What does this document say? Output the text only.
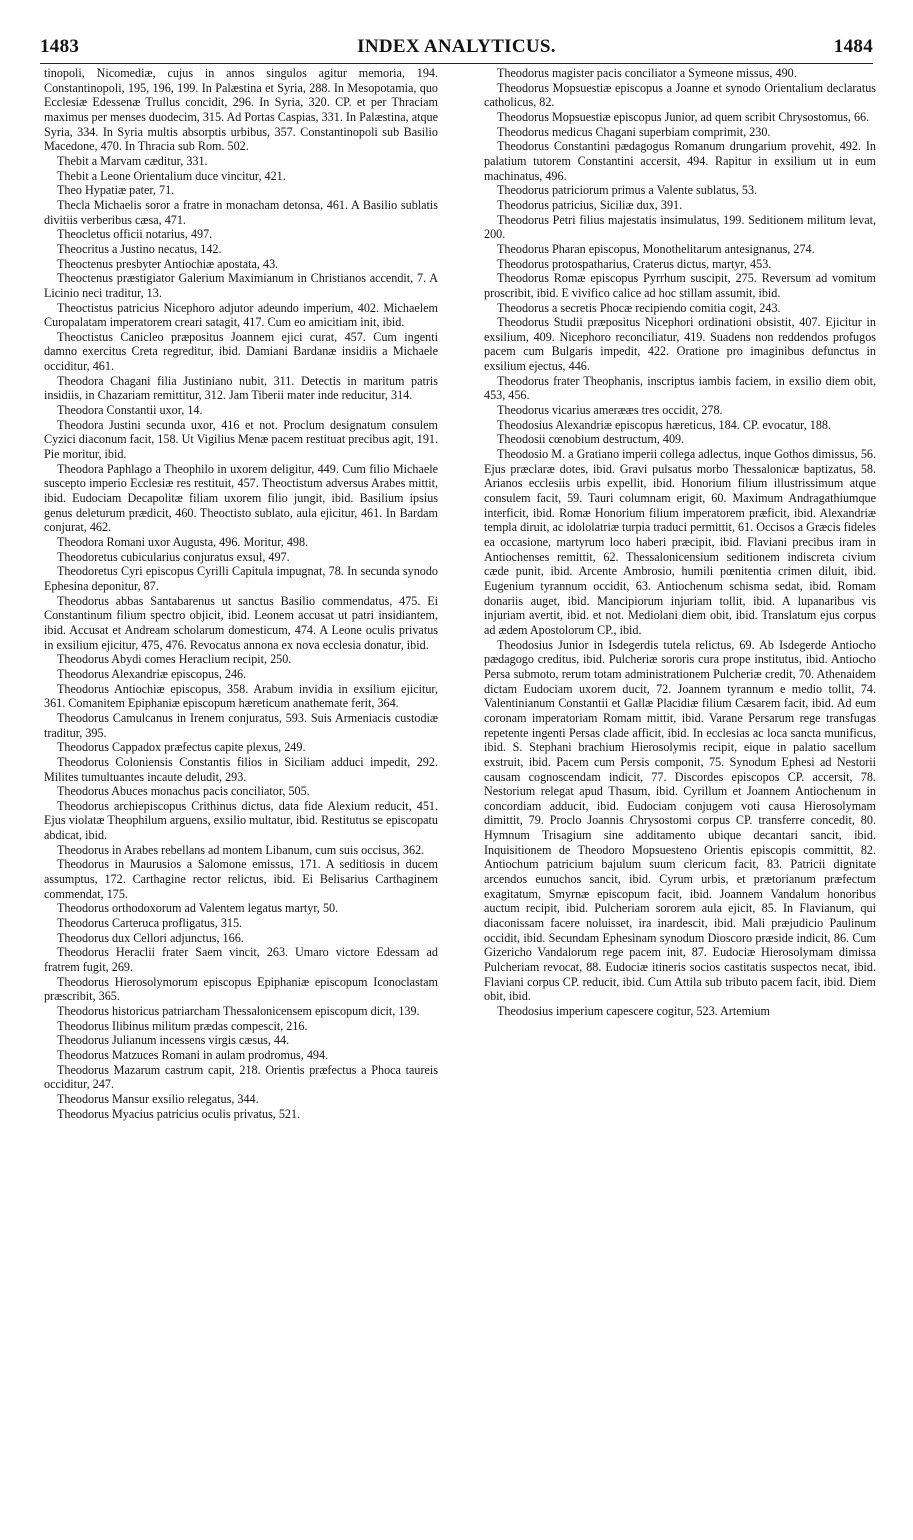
1483	INDEX ANALYTICUS.	1484

tinopoli, Nicomediæ, cujus in annos singulos agitur memoria, 194. Constantinopoli, 195, 196, 199. In Palæstina et Syria, 288. In Mesopotamia, quo Ecclesiæ Edessenæ Trullus concidit, 296. In Syria, 320. CP. et per Thraciam maximus per menses duodecim, 315. Ad Portas Caspias, 331. In Palæstina, atque Syria, 334. In Syria multis absorptis urbibus, 357. Constantinopoli sub Basilio Macedone, 470. In Thracia sub Rom. 502.

Thebit a Marvam cæditur, 331.

Thebit a Leone Orientalium duce vincitur, 421.

Theo Hypatiæ pater, 71.

Thecla Michaelis soror a fratre in monacham detonsa, 461. A Basilio sublatis divitiis verberibus cæsa, 471.

Theocletus officii notarius, 497.

Theocritus a Justino necatus, 142.

Theoctenus presbyter Antiochiæ apostata, 43.

Theoctenus præstigiator Galerium Maximianum in Christianos accendit, 7. A Licinio neci traditur, 13.

Theoctistus patricius Nicephoro adjutor adeundo imperium, 402. Michaelem Curopalatam imperatorem creari satagit, 417. Cum eo amicitiam init, ibid.

Theoctistus Canicleo præpositus Joannem ejici curat, 457. Cum ingenti damno exercitus Creta regreditur, ibid. Damiani Bardanæ insidiis a Michaele occiditur, 461.

Theodora Chagani filia Justiniano nubit, 311. Detectis in maritum patris insidiis, in Chazariam remittitur, 312. Jam Tiberii mater inde reducitur, 314.

Theodora Constantii uxor, 14.

Theodora Justini secunda uxor, 416 et not. Proclum designatum consulem Cyzici diaconum facit, 158. Ut Vigilius Menæ pacem restituat precibus agit, 191. Pie moritur, ibid.

Theodora Paphlago a Theophilo in uxorem deligitur, 449. Cum filio Michaele suscepto imperio Ecclesiæ res restituit, 457. Theoctistum adversus Arabes mittit, ibid. Eudociam Decapolitæ filiam uxorem filio jungit, ibid. Basilium ipsius genus deleturum prædicit, 460. Theoctisto sublato, aula ejicitur, 461. In Bardam conjurat, 462.

Theodora Romani uxor Augusta, 496. Moritur, 498.

Theodoretus cubicularius conjuratus exsul, 497.

Theodoretus Cyri episcopus Cyrilli Capitula impugnat, 78. In secunda synodo Ephesina deponitur, 87.

Theodorus abbas Santabarenus ut sanctus Basilio commendatus, 475. Ei Constantinum filium spectro objicit, ibid. Leonem accusat ut patri insidiantem, ibid. Accusat et Andream scholarum domesticum, 474. A Leone oculis privatus in exsilium ejicitur, 475, 476. Revocatus annona ex nova ecclesia donatur, ibid.

Theodorus Abydi comes Heraclium recipit, 250.

Theodorus Alexandriæ episcopus, 246.

Theodorus Antiochiæ episcopus, 358. Arabum invidia in exsilium ejicitur, 361. Comanitem Epiphaniæ episcopum hæreticum anathemate ferit, 364.

Theodorus Camulcanus in Irenem conjuratus, 593. Suis Armeniacis custodiæ traditur, 395.

Theodorus Cappadox præfectus capite plexus, 249.

Theodorus Coloniensis Constantis filios in Siciliam adduci impedit, 292. Milites tumultuantes incaute deludit, 293.

Theodorus Abuces monachus pacis conciliator, 505.

Theodorus archiepiscopus Crithinus dictus, data fide Alexium reducit, 451. Ejus violatæ Theophilum arguens, exsilio multatur, ibid. Restitutus se episcopatu abdicat, ibid.

Theodorus in Arabes rebellans ad montem Libanum, cum suis occisus, 362.

Theodorus in Maurusios a Salomone emissus, 171. A seditiosis in ducem assumptus, 172. Carthagine rector relictus, ibid. Ei Belisarius Carthaginem commendat, 175.

Theodorus orthodoxorum ad Valentem legatus martyr, 50.

Theodorus Carteruca profligatus, 315.

Theodorus dux Cellori adjunctus, 166.

Theodorus Heraclii frater Saem vincit, 263. Umaro victore Edessam ad fratrem fugit, 269.

Theodorus Hierosolymorum episcopus Epiphaniæ episcopum Iconoclastam præscribit, 365.

Theodorus historicus patriarcham Thessalonicensem episcopum dicit, 139.

Theodorus Ilibinus militum prædas compescit, 216.

Theodorus Julianum incessens virgis cæsus, 44.

Theodorus Matzuces Romani in aulam prodromus, 494.

Theodorus Mazarum castrum capit, 218. Orientis præfectus a Phoca taureis occiditur, 247.

Theodorus Mansur exsilio relegatus, 344.

Theodorus Myacius patricius oculis privatus, 521.

Theodorus magister pacis conciliator a Symeone missus, 490.

Theodorus Mopsuestiæ episcopus a Joanne et synodo Orientalium declaratus catholicus, 82.

Theodorus Mopsuestiæ episcopus Junior, ad quem scribit Chrysostomus, 66.

Theodorus medicus Chagani superbiam comprimit, 230.

Theodorus Constantini pædagogus Romanum drungarium provehit, 492. In palatium tutorem Constantini accersit, 494. Rapitur in exsilium ut in eum machinatus, 496.

Theodorus patriciorum primus a Valente sublatus, 53.

Theodorus patricius, Siciliæ dux, 391.

Theodorus Petri filius majestatis insimulatus, 199. Seditionem militum levat, 200.

Theodorus Pharan episcopus, Monothelitarum antesignanus, 274.

Theodorus protospatharius, Craterus dictus, martyr, 453.

Theodorus Romæ episcopus Pyrrhum suscipit, 275. Reversum ad vomitum proscribit, ibid. E vivifico calice ad hoc stillam assumit, ibid.

Theodorus a secretis Phocæ recipiendo comitia cogit, 243.

Theodorus Studii præpositus Nicephori ordinationi obsistit, 407. Ejicitur in exsilium, 409. Nicephoro reconciliatur, 419. Suadens non reddendos profugos pacem cum Bulgaris impedit, 422. Oratione pro imaginibus defunctus in exsilium ejectus, 446.

Theodorus frater Theophanis, inscriptus iambis faciem, in exsilio diem obit, 453, 456.

Theodorus vicarius amerææs tres occidit, 278.

Theodosius Alexandriæ episcopus hæreticus, 184. CP. evocatur, 188.

Theodosii cœnobium destructum, 409.

Theodosio M. a Gratiano imperii collega adlectus, inque Gothos dimissus, 56. Ejus præclaræ dotes, ibid. Gravi pulsatus morbo Thessalonicæ baptizatus, 58. Arianos ecclesiis urbis expellit, ibid. Honorium filium illustrissimum atque consulem facit, 59. Tauri columnam erigit, 60. Maximum Andragathiumque interficit, ibid. Romæ Honorium filium imperatorem præficit, ibid. Alexandriæ templa diruit, ac idololatriæ turpia traduci permittit, 61. Occisos a Græcis fideles ea occasione, martyrum loco haberi præcipit, ibid. Flaviani precibus iram in Antiochenses remittit, 62. Thessalonicensium seditionem indiscreta civium cæde punit, ibid. Arcente Ambrosio, humili pœnitentia crimen diluit, ibid. Eugenium tyrannum occidit, 63. Antiochenum schisma sedat, ibid. Romam donariis auget, ibid. Mancipiorum injuriam tollit, ibid. A lupanaribus vis injuriam avertit, ibid. et not. Mediolani diem obit, ibid. Translatum ejus corpus ad ædem Apostolorum CP., ibid.

Theodosius Junior in Isdegerdis tutela relictus, 69. Ab Isdegerde Antiocho pædagogo creditus, ibid. Pulcheriæ sororis cura prope institutus, ibid. Antiocho Persa submoto, rerum totam administrationem Pulcheriæ credit, 70. Athenaidem dictam Eudociam uxorem ducit, 72. Joannem tyrannum e medio tollit, 74. Valentinianum Constantii et Gallæ Placidiæ filium Cæsarem facit, ibid. Ad eum coronam imperatoriam Romam mittit, ibid. Varane Persarum rege transfugas repetente ingenti Persas clade afficit, ibid. In ecclesias ac loca sancta munificus, ibid. S. Stephani brachium Hierosolymis recipit, eique in palatio sacellum exstruit, ibid. Pacem cum Persis componit, 75. Synodum Ephesi ad Nestorii causam cognoscendam indicit, 77. Discordes episcopos CP. accersit, 78. Nestorium relegat apud Thasum, ibid. Cyrillum et Joannem Antiochenum in concordiam adducit, ibid. Eudociam conjugem voti causa Hierosolymam dimittit, 79. Proclo Joannis Chrysostomi corpus CP. transferre concedit, 80. Hymnum Trisagium sine additamento ubique decantari sancit, ibid. Inquisitionem de Theodoro Mopsuesteno Orientis episcopis committit, 82. Antiochum patricium bajulum suum clericum facit, 83. Patricii dignitate arcendos eunuchos sancit, ibid. Cyrum urbis, et prætorianum præfectum exagitatum, Smyrnæ episcopum facit, ibid. Joannem Vandalum honoribus auctum recipit, ibid. Pulcheriam sororem aula ejicit, 85. In Flavianum, qui diaconissam facere noluisset, ira inardescit, ibid. Mali præjudicio Paulinum occidit, ibid. Secundam Ephesinam synodum Dioscoro præside indicit, 86. Cum Gizericho Vandalorum rege pacem init, 87. Eudociæ Hierosolymam dimissa Pulcheriam revocat, 88. Eudociæ itineris socios castitatis suspectos necat, ibid. Flaviani corpus CP. reducit, ibid. Cum Attila sub tributo pacem facit, ibid. Diem obit, ibid.

Theodosius imperium capescere cogitur, 523. Artemium
